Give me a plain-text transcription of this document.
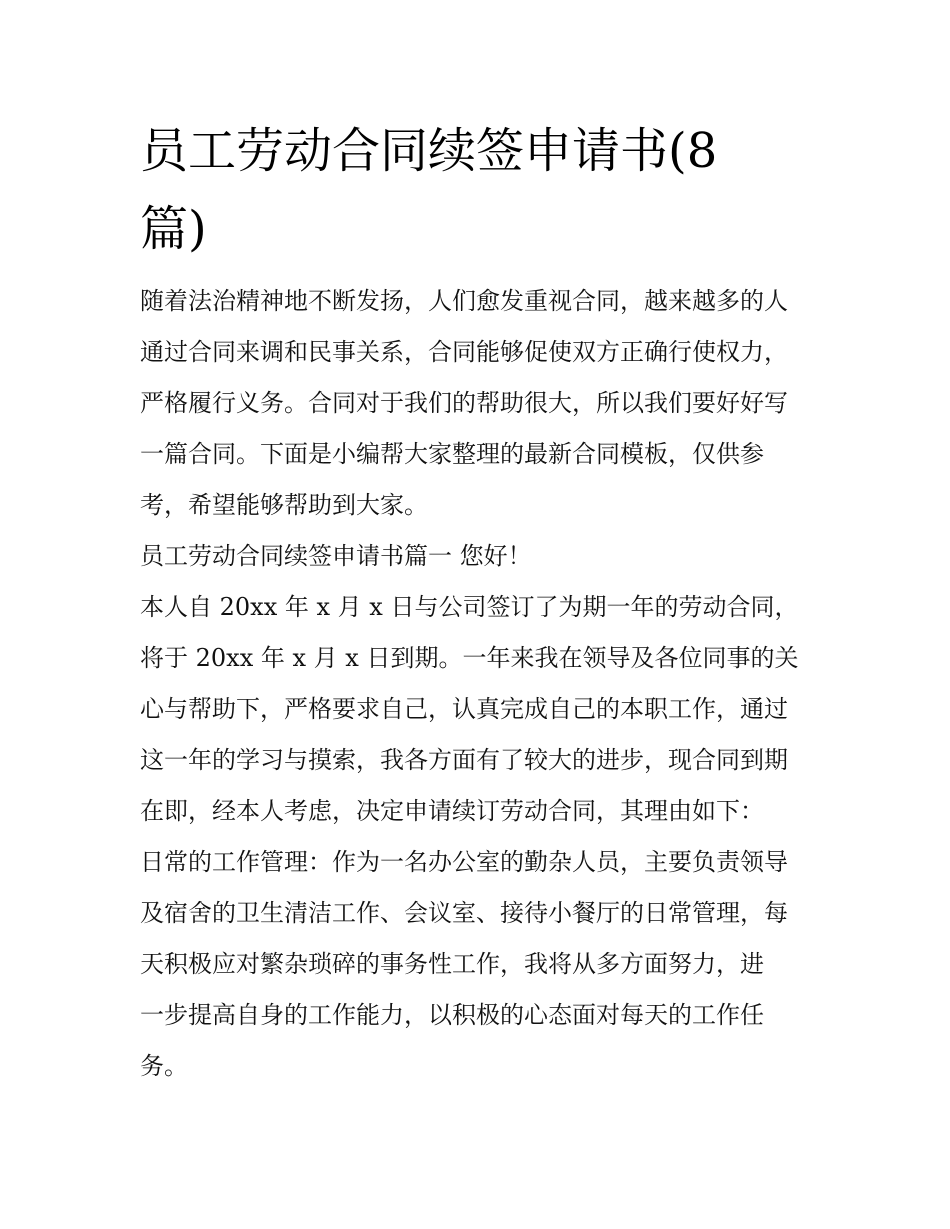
员工劳动合同续签申请书(8
篇)
随着法治精神地不断发扬，人们愈发重视合同，越来越多的人
通过合同来调和民事关系，合同能够促使双方正确行使权力，
严格履行义务。合同对于我们的帮助很大，所以我们要好好写
一篇合同。下面是小编帮大家整理的最新合同模板，仅供参
考，希望能够帮助到大家。
员工劳动合同续签申请书篇一 您好！
本人自 20xx 年 x 月 x 日与公司签订了为期一年的劳动合同，
将于 20xx 年 x 月 x 日到期。一年来我在领导及各位同事的关
心与帮助下，严格要求自己，认真完成自己的本职工作，通过
这一年的学习与摸索，我各方面有了较大的进步，现合同到期
在即，经本人考虑，决定申请续订劳动合同，其理由如下：
日常的工作管理：作为一名办公室的勤杂人员，主要负责领导
及宿舍的卫生清洁工作、会议室、接待小餐厅的日常管理，每
天积极应对繁杂琐碎的事务性工作，我将从多方面努力，进
一步提高自身的工作能力，以积极的心态面对每天的工作任
务。
